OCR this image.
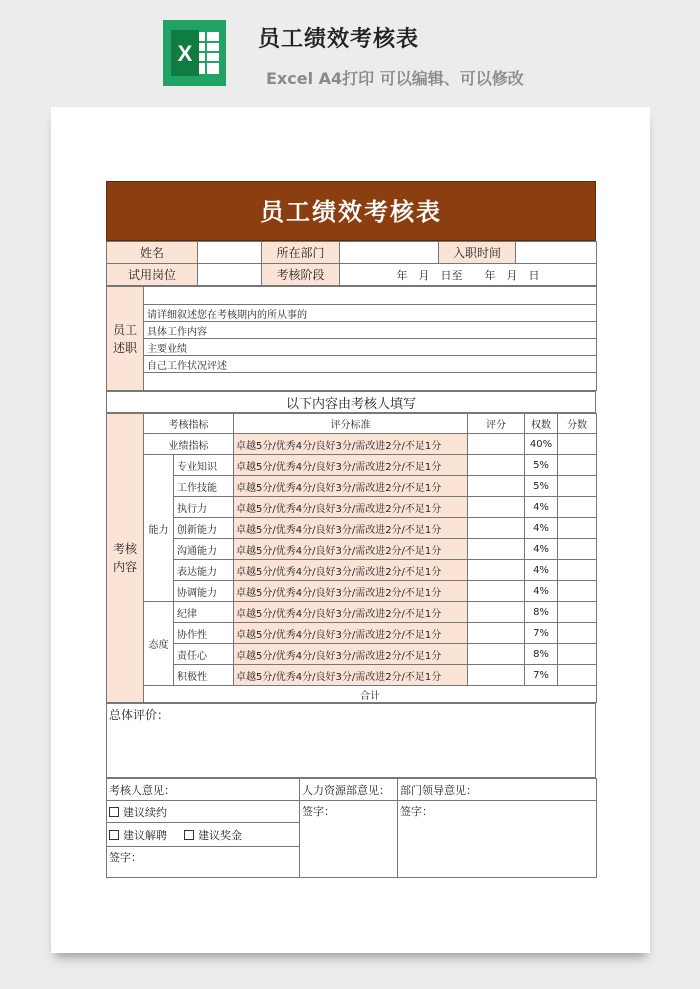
X
员工绩效考核表
Excel A4打印 可以编辑、可以修改
员工绩效考核表
姓名		所在部门		入职时间	
试用岗位		考核阶段	年　月　日至　　年　月　日		
员工述职	
请详细叙述您在考核期内的所从事的
具体工作内容
主要业绩
自己工作状况评述

以下内容由考核人填写
考核内容	考核指标		评分标准	评分	权数	分数	
	业绩指标		卓越5分/优秀4分/良好3分/需改进2分/不足1分		40%		
	能力	专业知识	卓越5分/优秀4分/良好3分/需改进2分/不足1分		5%		
		工作技能	卓越5分/优秀4分/良好3分/需改进2分/不足1分		5%		
		执行力	卓越5分/优秀4分/良好3分/需改进2分/不足1分		4%		
		创新能力	卓越5分/优秀4分/良好3分/需改进2分/不足1分		4%		
		沟通能力	卓越5分/优秀4分/良好3分/需改进2分/不足1分		4%		
		表达能力	卓越5分/优秀4分/良好3分/需改进2分/不足1分		4%		
		协调能力	卓越5分/优秀4分/良好3分/需改进2分/不足1分		4%		
	态度	纪律	卓越5分/优秀4分/良好3分/需改进2分/不足1分		8%		
		协作性	卓越5分/优秀4分/良好3分/需改进2分/不足1分		7%		
		责任心	卓越5分/优秀4分/良好3分/需改进2分/不足1分		8%		
		积极性	卓越5分/优秀4分/良好3分/需改进2分/不足1分		7%		
	合计						
总体评价：
考核人意见：	人力资源部意见：	部门领导意见：
建议续约	签字：	签字：
建议解聘 建议奖金		
签字：		
